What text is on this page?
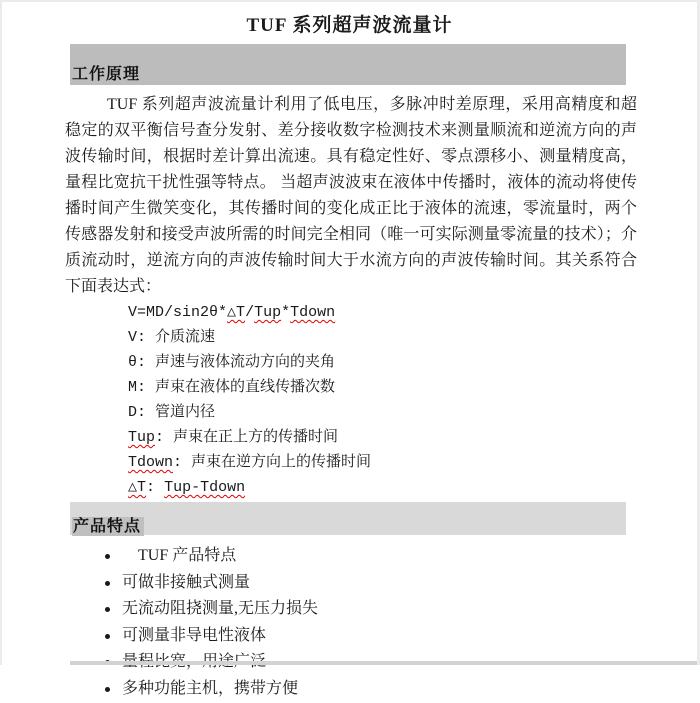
TUF 系列超声波流量计
工作原理

TUF 系列超声波流量计利用了低电压，多脉冲时差原理，采用高精度和超稳定的双平衡信号查分发射、差分接收数字检测技术来测量顺流和逆流方向的声波传输时间，根据时差计算出流速。具有稳定性好、零点漂移小、测量精度高，量程比宽抗干扰性强等特点。 当超声波波束在液体中传播时，液体的流动将使传播时间产生微笑变化，其传播时间的变化成正比于液体的流速，零流量时，两个传感器发射和接受声波所需的时间完全相同（唯一可实际测量零流量的技术）；介质流动时，逆流方向的声波传输时间大于水流方向的声波传输时间。其关系符合下面表达式：

V=MD/sin2θ*△T/Tup*Tdown
V: 介质流速
θ: 声速与液体流动方向的夹角
M: 声束在液体的直线传播次数
D: 管道内径
Tup: 声束在正上方的传播时间
Tdown: 声束在逆方向上的传播时间
△T: Tup-Tdown
产品特点
TUF 产品特点
可做非接触式测量
无流动阻挠测量,无压力损失
可测量非导电性液体
多种功能主机，携带方便
